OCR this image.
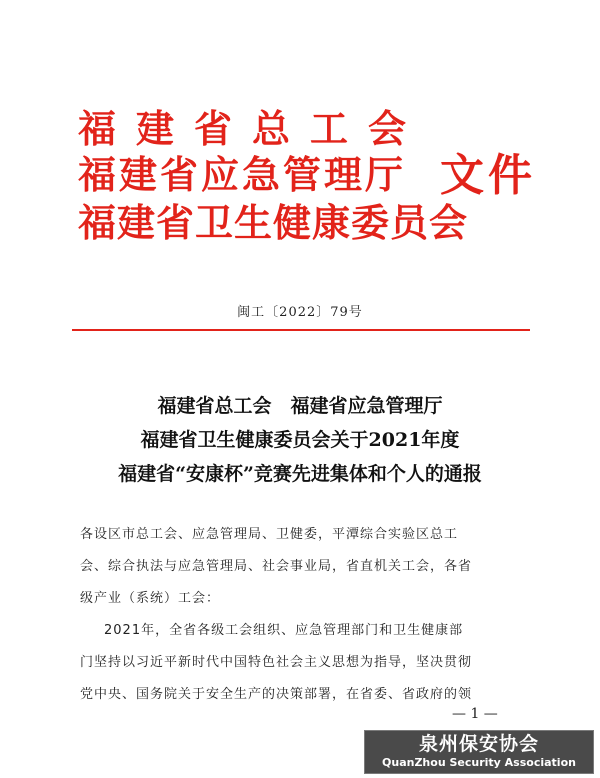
福建省总工会
福建省应急管理厅
福建省卫生健康委员会
文件
闽工〔2022〕79号
福建省总工会　福建省应急管理厅
福建省卫生健康委员会关于2021年度
福建省“安康杯”竞赛先进集体和个人的通报
各设区市总工会、应急管理局、卫健委，平潭综合实验区总工
会、综合执法与应急管理局、社会事业局，省直机关工会，各省
级产业（系统）工会：
2021年，全省各级工会组织、应急管理部门和卫生健康部
门坚持以习近平新时代中国特色社会主义思想为指导，坚决贯彻
党中央、国务院关于安全生产的决策部署，在省委、省政府的领
— 1 —
泉州保安协会
QuanZhou Security Association
